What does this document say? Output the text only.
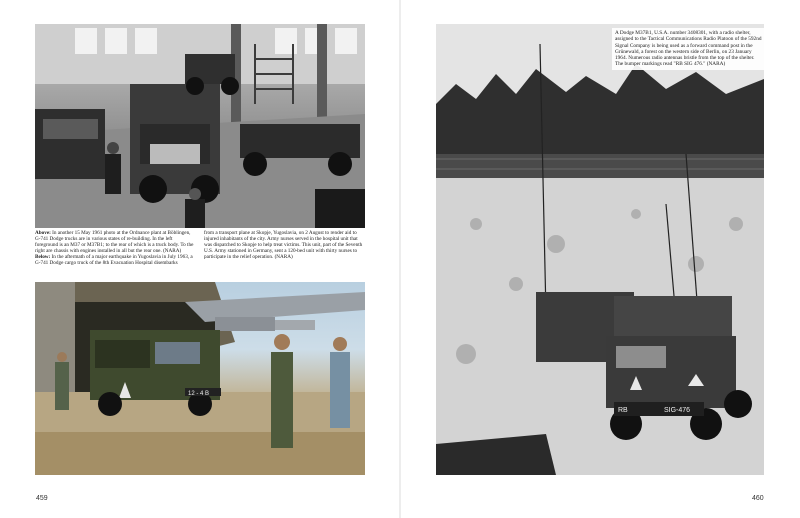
Above: In another 15 May 1961 photo at the Ordnance plant at Böblingen, G-741 Dodge trucks are in various states of re-building. In the left foreground is an M37 or M37B1; to the rear of which is a truck body. To the right are chassis with engines installed in all but the rear one. (NARA) Below: In the aftermath of a major earthquake in Yugoslavia in July 1963, a G-741 Dodge cargo truck of the 8th Evacuation Hospital disembarks
from a transport plane at Skopje, Yugoslavia, on 2 August to render aid to injured inhabitants of the city. Army nurses served in the hospital unit that was dispatched to Skopje to help treat victims. This unit, part of the Seventh U.S. Army stationed in Germany, sent a 120-bed unit with thirty nurses to participate in the relief operation. (NARA)
12 - 4 B
459
RB	SIG-476
A Dodge M37B1, U.S.A. number 3408301, with a radio shelter, assigned to the Tactical Communications Radio Platoon of the 592nd Signal Company is being used as a forward command post in the Grünewald, a forest on the western side of Berlin, on 23 January 1964. Numerous radio antennas bristle from the top of the shelter. The bumper markings read "RB SIG 476." (NARA)
460
